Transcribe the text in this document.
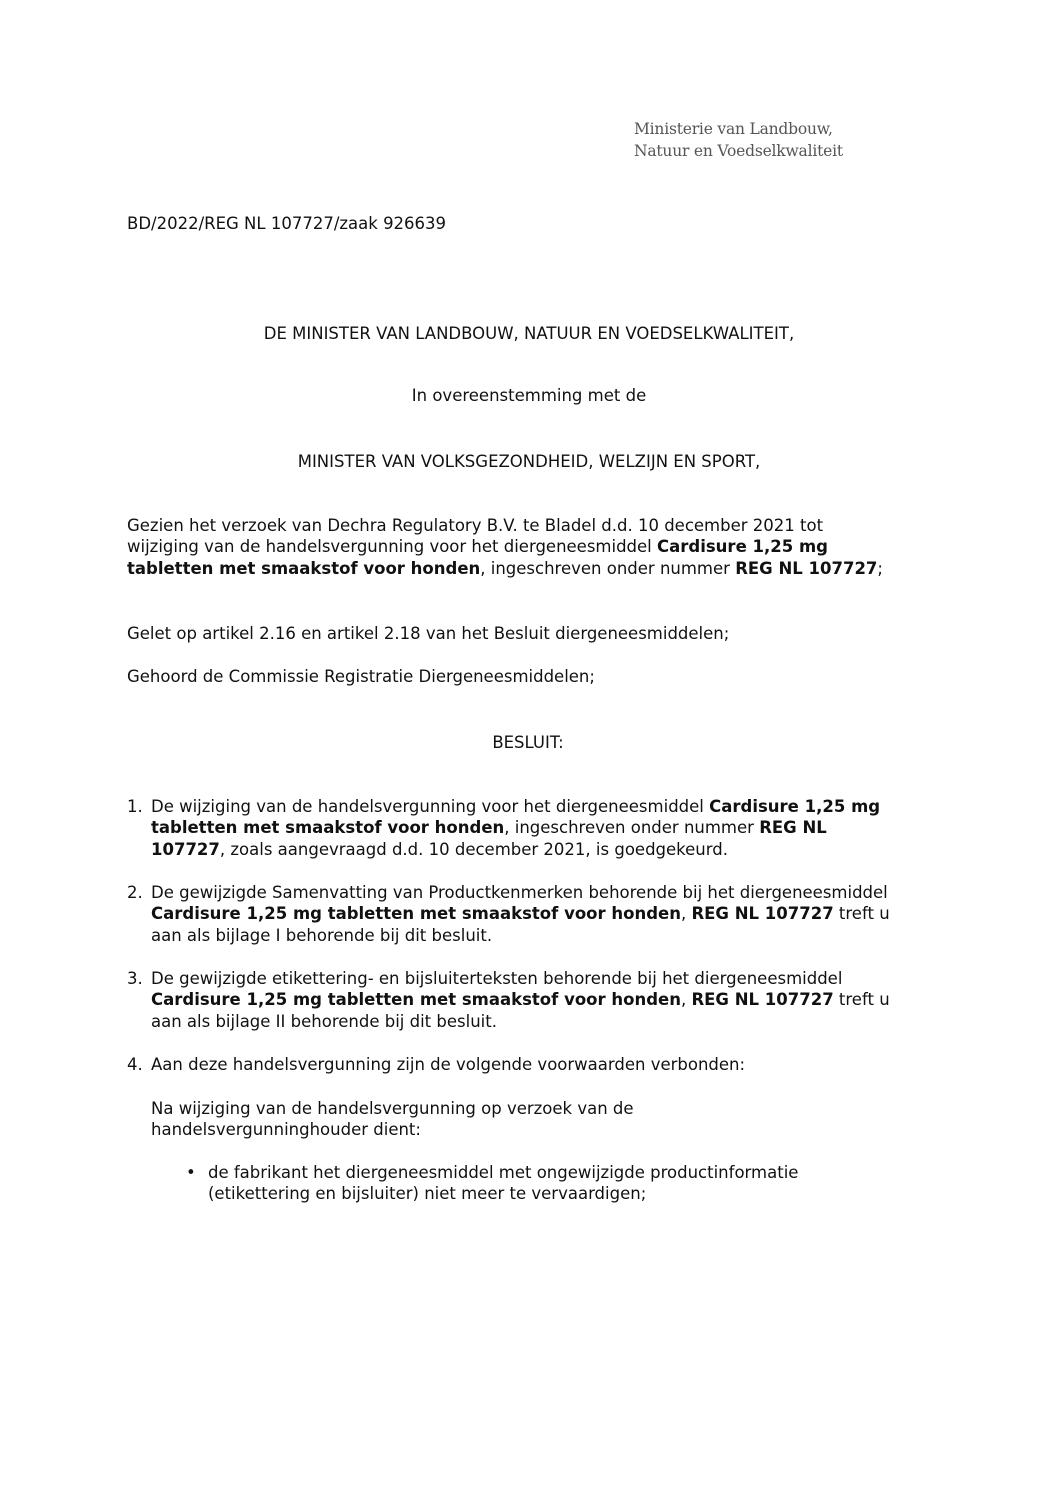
Ministerie van Landbouw,
Natuur en Voedselkwaliteit
BD/2022/REG NL 107727/zaak 926639
DE MINISTER VAN LANDBOUW, NATUUR EN VOEDSELKWALITEIT,
In overeenstemming met de
MINISTER VAN VOLKSGEZONDHEID, WELZIJN EN SPORT,
Gezien het verzoek van Dechra Regulatory B.V. te Bladel d.d. 10 december 2021 tot wijziging van de handelsvergunning voor het diergeneesmiddel Cardisure 1,25 mg tabletten met smaakstof voor honden, ingeschreven onder nummer REG NL 107727;
Gelet op artikel 2.16 en artikel 2.18 van het Besluit diergeneesmiddelen;
Gehoord de Commissie Registratie Diergeneesmiddelen;
BESLUIT:
1. De wijziging van de handelsvergunning voor het diergeneesmiddel Cardisure 1,25 mg tabletten met smaakstof voor honden, ingeschreven onder nummer REG NL 107727, zoals aangevraagd d.d. 10 december 2021, is goedgekeurd.
2. De gewijzigde Samenvatting van Productkenmerken behorende bij het diergeneesmiddel Cardisure 1,25 mg tabletten met smaakstof voor honden, REG NL 107727 treft u aan als bijlage I behorende bij dit besluit.
3. De gewijzigde etikettering- en bijsluiterteksten behorende bij het diergeneesmiddel Cardisure 1,25 mg tabletten met smaakstof voor honden, REG NL 107727 treft u aan als bijlage II behorende bij dit besluit.
4. Aan deze handelsvergunning zijn de volgende voorwaarden verbonden:
Na wijziging van de handelsvergunning op verzoek van de handelsvergunninghouder dient:
• de fabrikant het diergeneesmiddel met ongewijzigde productinformatie (etikettering en bijsluiter) niet meer te vervaardigen;
